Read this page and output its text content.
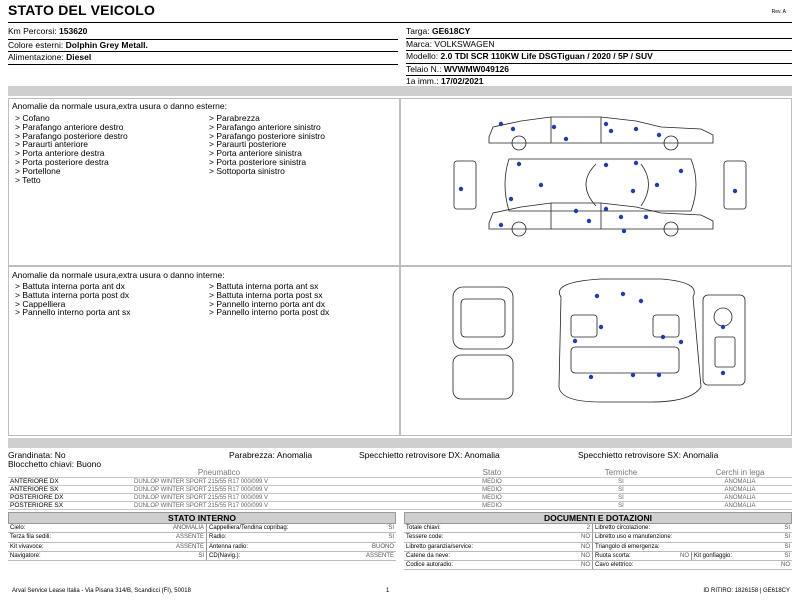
STATO DEL VEICOLO	Rev. A
Km Percorsi: 153620
Colore esterni: Dolphin Grey Metall.
Alimentazione: Diesel
Targa: GE618CY
Marca: VOLKSWAGEN
Modello: 2.0 TDI SCR 110KW Life DSGTiguan / 2020 / 5P / SUV
Telaio N.: WVWMW049126
1a imm.: 17/02/2021
Anomalie da normale usura,extra usura o danno esterne:
> Cofano
> Parafango anteriore destro
> Parafango posteriore destro
> Paraurti anteriore
> Porta anteriore destra
> Porta posteriore destra
> Portellone
> Tetto
> Parabrezza
> Parafango anteriore sinistro
> Parafango posteriore sinistro
> Paraurti posteriore
> Porta anteriore sinistra
> Porta posteriore sinistra
> Sottoporta sinistro
Anomalie da normale usura,extra usura o danno interne:
> Battuta interna porta ant dx
> Battuta interna porta post dx
> Cappelliera
> Pannello interno porta ant sx
> Battuta interna porta ant sx
> Battuta interna porta post sx
> Pannello interno porta ant dx
> Pannello interno porta post dx
Grandinata: No	Parabrezza: Anomalia	Specchietto retrovisore DX: Anomalia	Specchietto retrovisore SX: Anomalia
Blocchetto chiavi: Buono
Pneumatico		Stato	Termiche	Cerchi in lega
ANTERIORE DX	DUNLOP WINTER SPORT 215/55 R17 000/099 V	MEDIO	SI	ANOMALIA
ANTERIORE SX	DUNLOP WINTER SPORT 215/55 R17 000/099 V	MEDIO	SI	ANOMALIA
POSTERIORE DX	DUNLOP WINTER SPORT 215/55 R17 000/099 V	MEDIO	SI	ANOMALIA
POSTERIORE SX	DUNLOP WINTER SPORT 215/55 R17 000/099 V	MEDIO	SI	ANOMALIA
STATO INTERNO
Cielo:	ANOMALIA	Cappelliera/Tendina copribag:	SI
Terza fila sedili:	ASSENTE	Radio:	SI
Kit vivavoce:	ASSENTE	Antenna radio:	BUONO
Navigatore:	SI	CD(Navig.):	ASSENTE
DOCUMENTI E DOTAZIONI
Totale chiavi:	2	Libretto circolazione:			SI
Tessere code:	NO	Libretto uso e manutenzione:			SI
Libretto garanzia/service:	NO	Triangolo di emergenza:			SI
Catene da neve:	NO	Ruota scorta:	NO	Kit gonfiaggio:	SI
Codice autoradio:	NO	Cavo elettrico:			NO
Arval Service Lease Italia - Via Pisana 314/B, Scandicci (FI), 50018	1	ID RITIRO: 1826158 | GE618CY
